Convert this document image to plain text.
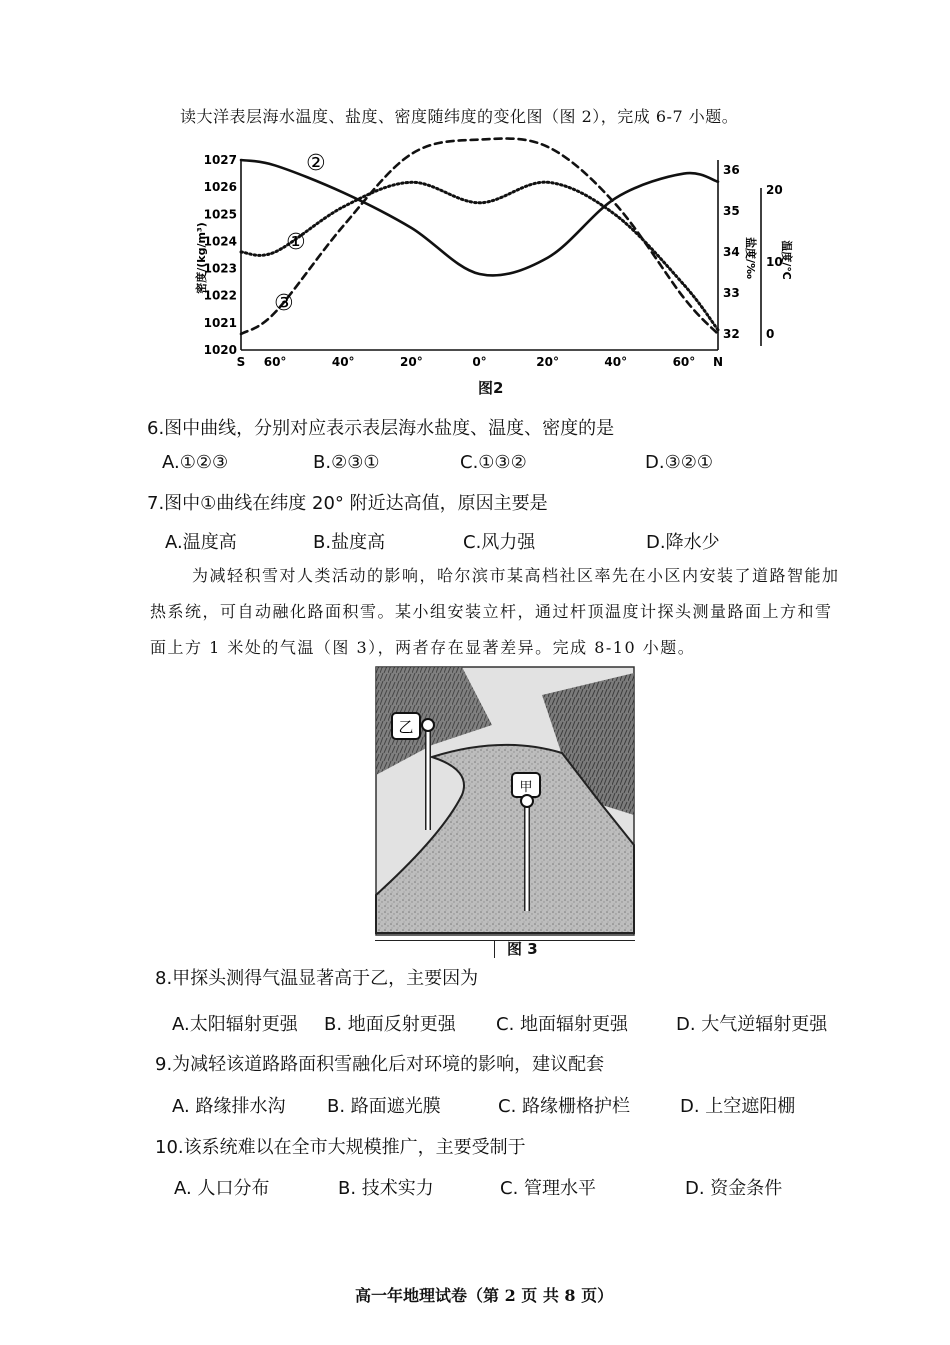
读大洋表层海水温度、盐度、密度随纬度的变化图（图 2），完成 6-7 小题。
1027
1026
1025
1024
1023
1022
1021
1020
36
35
34
33
32
20
10
0
S 60°	40°	20°	0°	20°	40°	60° N
密度/(kg/m³)	盐度/‰ 温度/℃
②
①
③
图2
6.图中曲线，分别对应表示表层海水盐度、温度、密度的是
A.①②③	B.②③①	C.①③②	D.③②①
7.图中①曲线在纬度 20° 附近达高值，原因主要是
A.温度高	B.盐度高	C.风力强	D.降水少
为减轻积雪对人类活动的影响，哈尔滨市某高档社区率先在小区内安装了道路智能加
热系统，可自动融化路面积雪。某小组安装立杆，通过杆顶温度计探头测量路面上方和雪
面上方 1 米处的气温（图 3），两者存在显著差异。完成 8-10 小题。
乙
甲
图 3
8.甲探头测得气温显著高于乙，主要因为
A.太阳辐射更强 B. 地面反射更强 C. 地面辐射更强	D. 大气逆辐射更强
9.为减轻该道路路面积雪融化后对环境的影响，建议配套
A. 路缘排水沟 B. 路面遮光膜	C. 路缘栅格护栏	D. 上空遮阳棚
10.该系统难以在全市大规模推广，主要受制于
A. 人口分布	B. 技术实力	C. 管理水平	D. 资金条件
高一年地理试卷（第 2 页 共 8 页）
